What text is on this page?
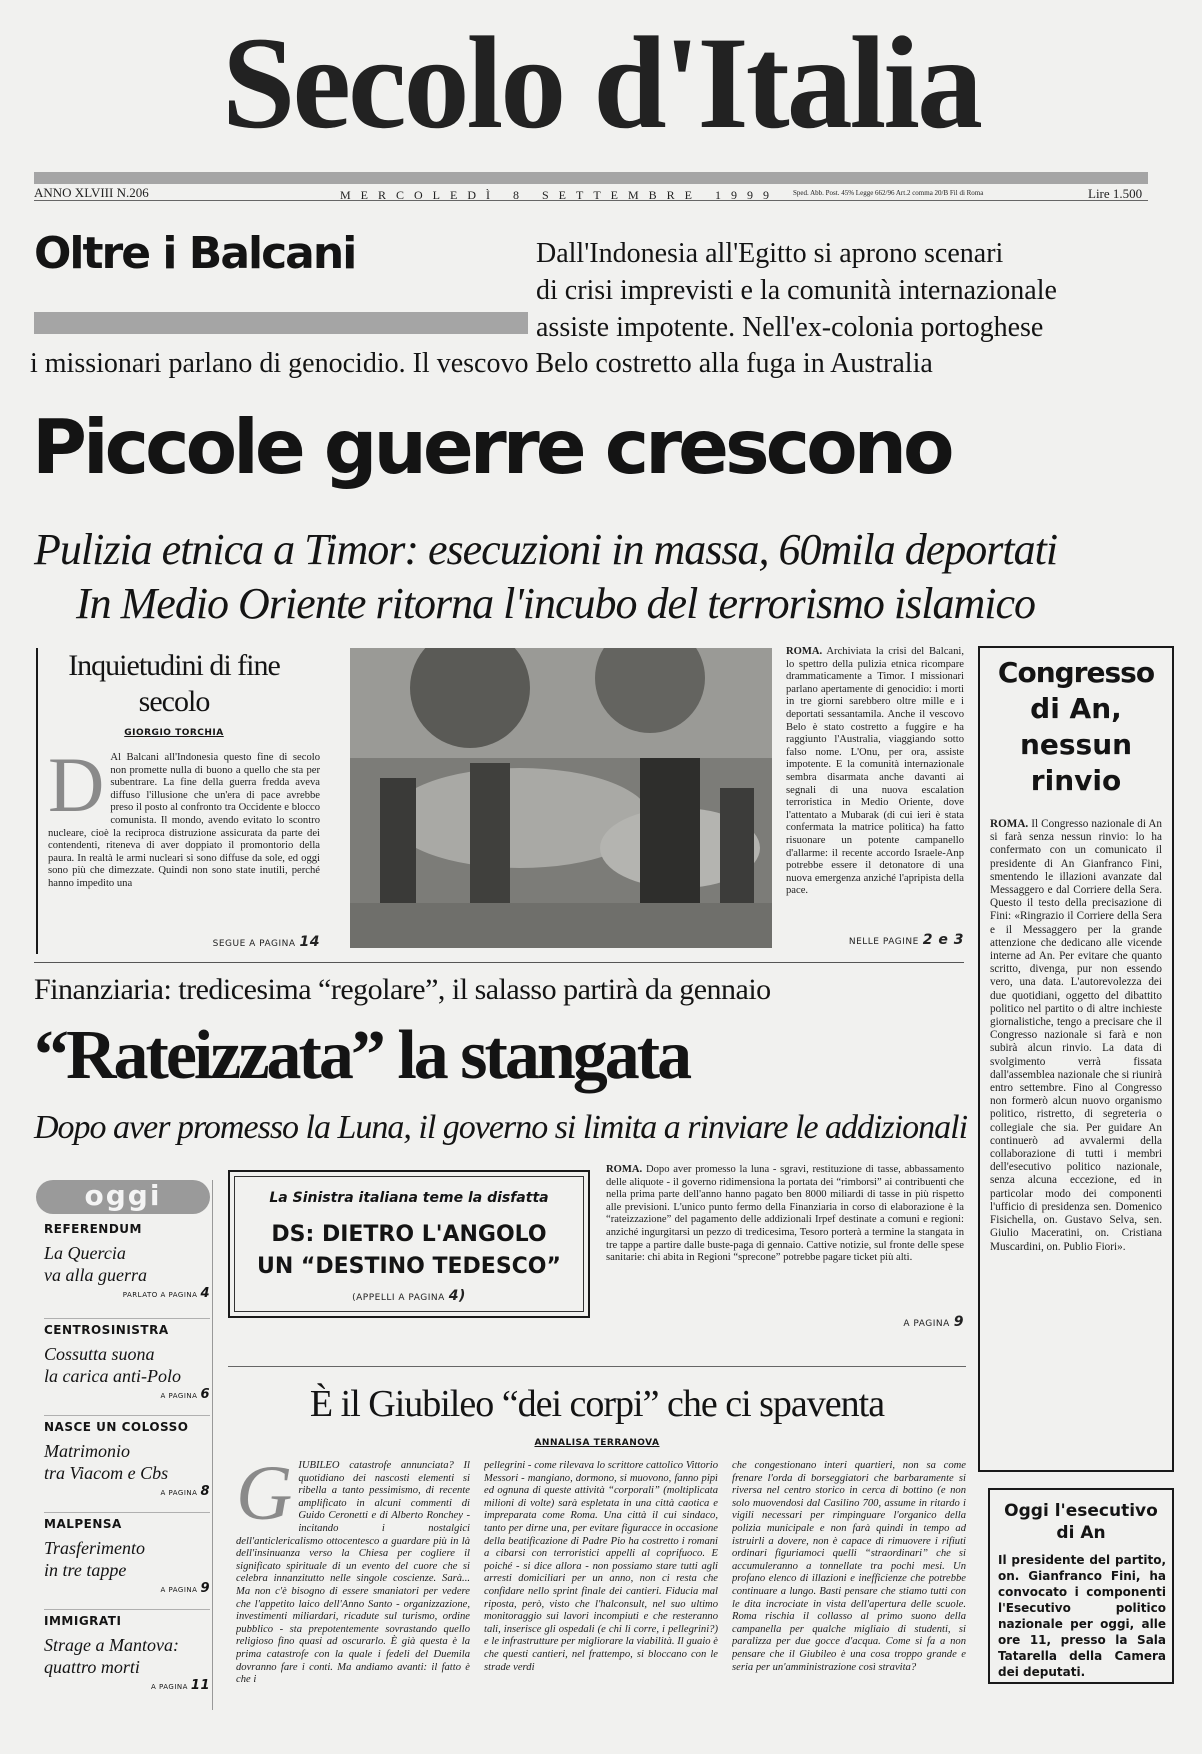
Secolo d'Italia
ANNO XLVIII N.206	MERCOLEDÌ 8 SETTEMBRE 1999 Sped. Abb. Post. 45% Legge 662/96 Art.2 comma 20/B Fil di Roma	Lire 1.500
Oltre i Balcani	Dall'Indonesia all'Egitto si aprono scenari
di crisi imprevisti e la comunità internazionale
assiste impotente. Nell'ex-colonia portoghese
i missionari parlano di genocidio. Il vescovo Belo costretto alla fuga in Australia
Piccole guerre crescono
Pulizia etnica a Timor: esecuzioni in massa, 60mila deportati
In Medio Oriente ritorna l'incubo del terrorismo islamico
Inquietudini di fine secolo
GIORGIO TORCHIA
D Al Balcani all'Indonesia questo fine di secolo non promette nulla di buono a quello che sta per subentrare. La fine della guerra fredda aveva diffuso l'illusione che un'era di pace avrebbe preso il posto al confronto tra Occidente e blocco comunista. Il mondo, avendo evitato lo scontro nucleare, cioè la reciproca distruzione assicurata da parte dei contendenti, riteneva di aver doppiato il promontorio della paura. In realtà le armi nucleari si sono diffuse da sole, ed oggi sono più che dimezzate. Quindi non sono state inutili, perché hanno impedito una
SEGUE A PAGINA 14
ROMA. Archiviata la crisi del Balcani, lo spettro della pulizia etnica ricompare drammaticamente a Timor. I missionari parlano apertamente di genocidio: i morti in tre giorni sarebbero oltre mille e i deportati sessantamila. Anche il vescovo Belo è stato costretto a fuggire e ha raggiunto l'Australia, viaggiando sotto falso nome. L'Onu, per ora, assiste impotente. E la comunità internazionale sembra disarmata anche davanti ai segnali di una nuova escalation terroristica in Medio Oriente, dove l'attentato a Mubarak (di cui ieri è stata confermata la matrice politica) ha fatto risuonare un potente campanello d'allarme: il recente accordo Israele-Anp potrebbe essere il detonatore di una nuova emergenza anziché l'apripista della pace.
NELLE PAGINE 2 e 3
Congresso
di An,
nessun
rinvio
ROMA. Il Congresso nazionale di An si farà senza nessun rinvio: lo ha confermato con un comunicato il presidente di An Gianfranco Fini, smentendo le illazioni avanzate dal Messaggero e dal Corriere della Sera. Questo il testo della precisazione di Fini: «Ringrazio il Corriere della Sera e il Messaggero per la grande attenzione che dedicano alle vicende interne ad An. Per evitare che quanto scritto, divenga, pur non essendo vero, una data. L'autorevolezza dei due quotidiani, oggetto del dibattito politico nel partito o di altre inchieste giornalistiche, tengo a precisare che il Congresso nazionale si farà e non subirà alcun rinvio. La data di svolgimento verrà fissata dall'assemblea nazionale che si riunirà entro settembre. Fino al Congresso non formerò alcun nuovo organismo politico, ristretto, di segreteria o collegiale che sia. Per guidare An continuerò ad avvalermi della collaborazione di tutti i membri dell'esecutivo politico nazionale, senza alcuna eccezione, ed in particolar modo dei componenti l'ufficio di presidenza sen. Domenico Fisichella, on. Gustavo Selva, sen. Giulio Maceratini, on. Cristiana Muscardini, on. Publio Fiori».
Oggi l'esecutivo
di An
Il presidente del partito, on. Gianfranco Fini, ha convocato i componenti l'Esecutivo politico nazionale per oggi, alle ore 11, presso la Sala Tatarella della Camera dei deputati.
Finanziaria: tredicesima “regolare”, il salasso partirà da gennaio
“Rateizzata” la stangata
Dopo aver promesso la Luna, il governo si limita a rinviare le addizionali
ROMA. Dopo aver promesso la luna - sgravi, restituzione di tasse, abbassamento delle aliquote - il governo ridimensiona la portata dei “rimborsi” ai contribuenti che nella prima parte dell'anno hanno pagato ben 8000 miliardi di tasse in più rispetto alle previsioni. L'unico punto fermo della Finanziaria in corso di elaborazione è la “rateizzazione” del pagamento delle addizionali Irpef destinate a comuni e regioni: anziché ingurgitarsi un pezzo di tredicesima, Tesoro porterà a termine la stangata in tre tappe a partire dalle buste-paga di gennaio. Cattive notizie, sul fronte delle spese sanitarie: chi abita in Regioni “sprecone” potrebbe pagare ticket più alti.
A PAGINA 9
La Sinistra italiana teme la disfatta
DS: DIETRO L'ANGOLO
UN “DESTINO TEDESCO”
(APPELLI A PAGINA 4)
oggi
REFERENDUM
La Quercia
va alla guerra
PARLATO A PAGINA 4
CENTROSINISTRA
Cossutta suona
la carica anti-Polo
A PAGINA 6
NASCE UN COLOSSO
Matrimonio
tra Viacom e Cbs
A PAGINA 8
MALPENSA
Trasferimento
in tre tappe
A PAGINA 9
IMMIGRATI
Strage a Mantova:
quattro morti
A PAGINA 11
È il Giubileo “dei corpi” che ci spaventa
ANNALISA TERRANOVA
G IUBILEO catastrofe annunciata? Il quotidiano dei nascosti elementi si ribella a tanto pessimismo, di recente amplificato in alcuni commenti di Guido Ceronetti e di Alberto Ronchey - incitando i nostalgici dell'anticlericalismo ottocentesco a guardare più in là dell'insinuanza verso la Chiesa per cogliere il significato spirituale di un evento del cuore che si celebra innanzitutto nelle singole coscienze. Sarà... Ma non c'è bisogno di essere smaniatori per vedere che l'appetito laico dell'Anno Santo - organizzazione, investimenti miliardari, ricadute sul turismo, ordine pubblico - sta prepotentemente sovrastando quello religioso fino quasi ad oscurarlo. È già questa è la prima catastrofe con la quale i fedeli del Duemila dovranno fare i conti. Ma andiamo avanti: il fatto è che i
pellegrini - come rilevava lo scrittore cattolico Vittorio Messori - mangiano, dormono, si muovono, fanno pipì ed ognuna di queste attività “corporali” (moltiplicata milioni di volte) sarà espletata in una città caotica e impreparata come Roma. Una città il cui sindaco, tanto per dirne una, per evitare figuracce in occasione della beatificazione di Padre Pio ha costretto i romani a cibarsi con terroristici appelli al coprifuoco. E poiché - si dice allora - non possiamo stare tutti agli arresti domiciliari per un anno, non ci resta che confidare nello sprint finale dei cantieri. Fiducia mal riposta, però, visto che l'halconsult, nel suo ultimo monitoraggio sui lavori incompiuti e che resteranno tali, inserisce gli ospedali (e chi li corre, i pellegrini?) e le infrastrutture per migliorare la viabilità. Il guaio è che questi cantieri, nel frattempo, si bloccano con le strade verdi
che congestionano interi quartieri, non sa come frenare l'orda di borseggiatori che barbaramente si riversa nel centro storico in cerca di bottino (e non solo muovendosi dal Casilino 700, assume in ritardo i vigili necessari per rimpinguare l'organico della polizia municipale e non farà quindi in tempo ad istruirli a dovere, non è capace di rimuovere i rifiuti ordinari figuriamoci quelli “straordinari” che si accumuleranno a tonnellate tra pochi mesi. Un profano elenco di illazioni e inefficienze che potrebbe continuare a lungo. Basti pensare che stiamo tutti con le dita incrociate in vista dell'apertura delle scuole. Roma rischia il collasso al primo suono della campanella per qualche migliaio di studenti, si paralizza per due gocce d'acqua. Come si fa a non pensare che il Giubileo è una cosa troppo grande e seria per un'amministrazione così stravita?
